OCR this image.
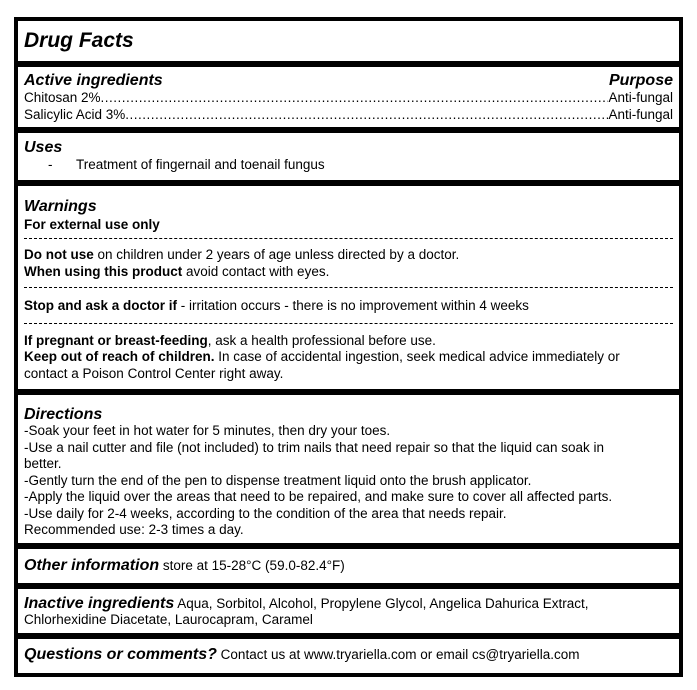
Drug Facts
Active ingredients	Purpose
Chitosan 2% .....	Anti-fungal
Salicylic Acid 3% .....	Anti-fungal
Uses
- Treatment of fingernail and toenail fungus
Warnings
For external use only
Do not use on children under 2 years of age unless directed by a doctor.
When using this product avoid contact with eyes.
Stop and ask a doctor if - irritation occurs - there is no improvement within 4 weeks
If pregnant or breast-feeding, ask a health professional before use.
Keep out of reach of children. In case of accidental ingestion, seek medical advice immediately or
contact a Poison Control Center right away.
Directions
-Soak your feet in hot water for 5 minutes, then dry your toes.
-Use a nail cutter and file (not included) to trim nails that need repair so that the liquid can soak in
better.
-Gently turn the end of the pen to dispense treatment liquid onto the brush applicator.
-Apply the liquid over the areas that need to be repaired, and make sure to cover all affected parts.
-Use daily for 2-4 weeks, according to the condition of the area that needs repair.
Recommended use: 2-3 times a day.
Other information store at 15-28°C (59.0-82.4°F)
Inactive ingredients Aqua, Sorbitol, Alcohol, Propylene Glycol, Angelica Dahurica Extract,
Chlorhexidine Diacetate, Laurocapram, Caramel
Questions or comments? Contact us at www.tryariella.com or email cs@tryariella.com
